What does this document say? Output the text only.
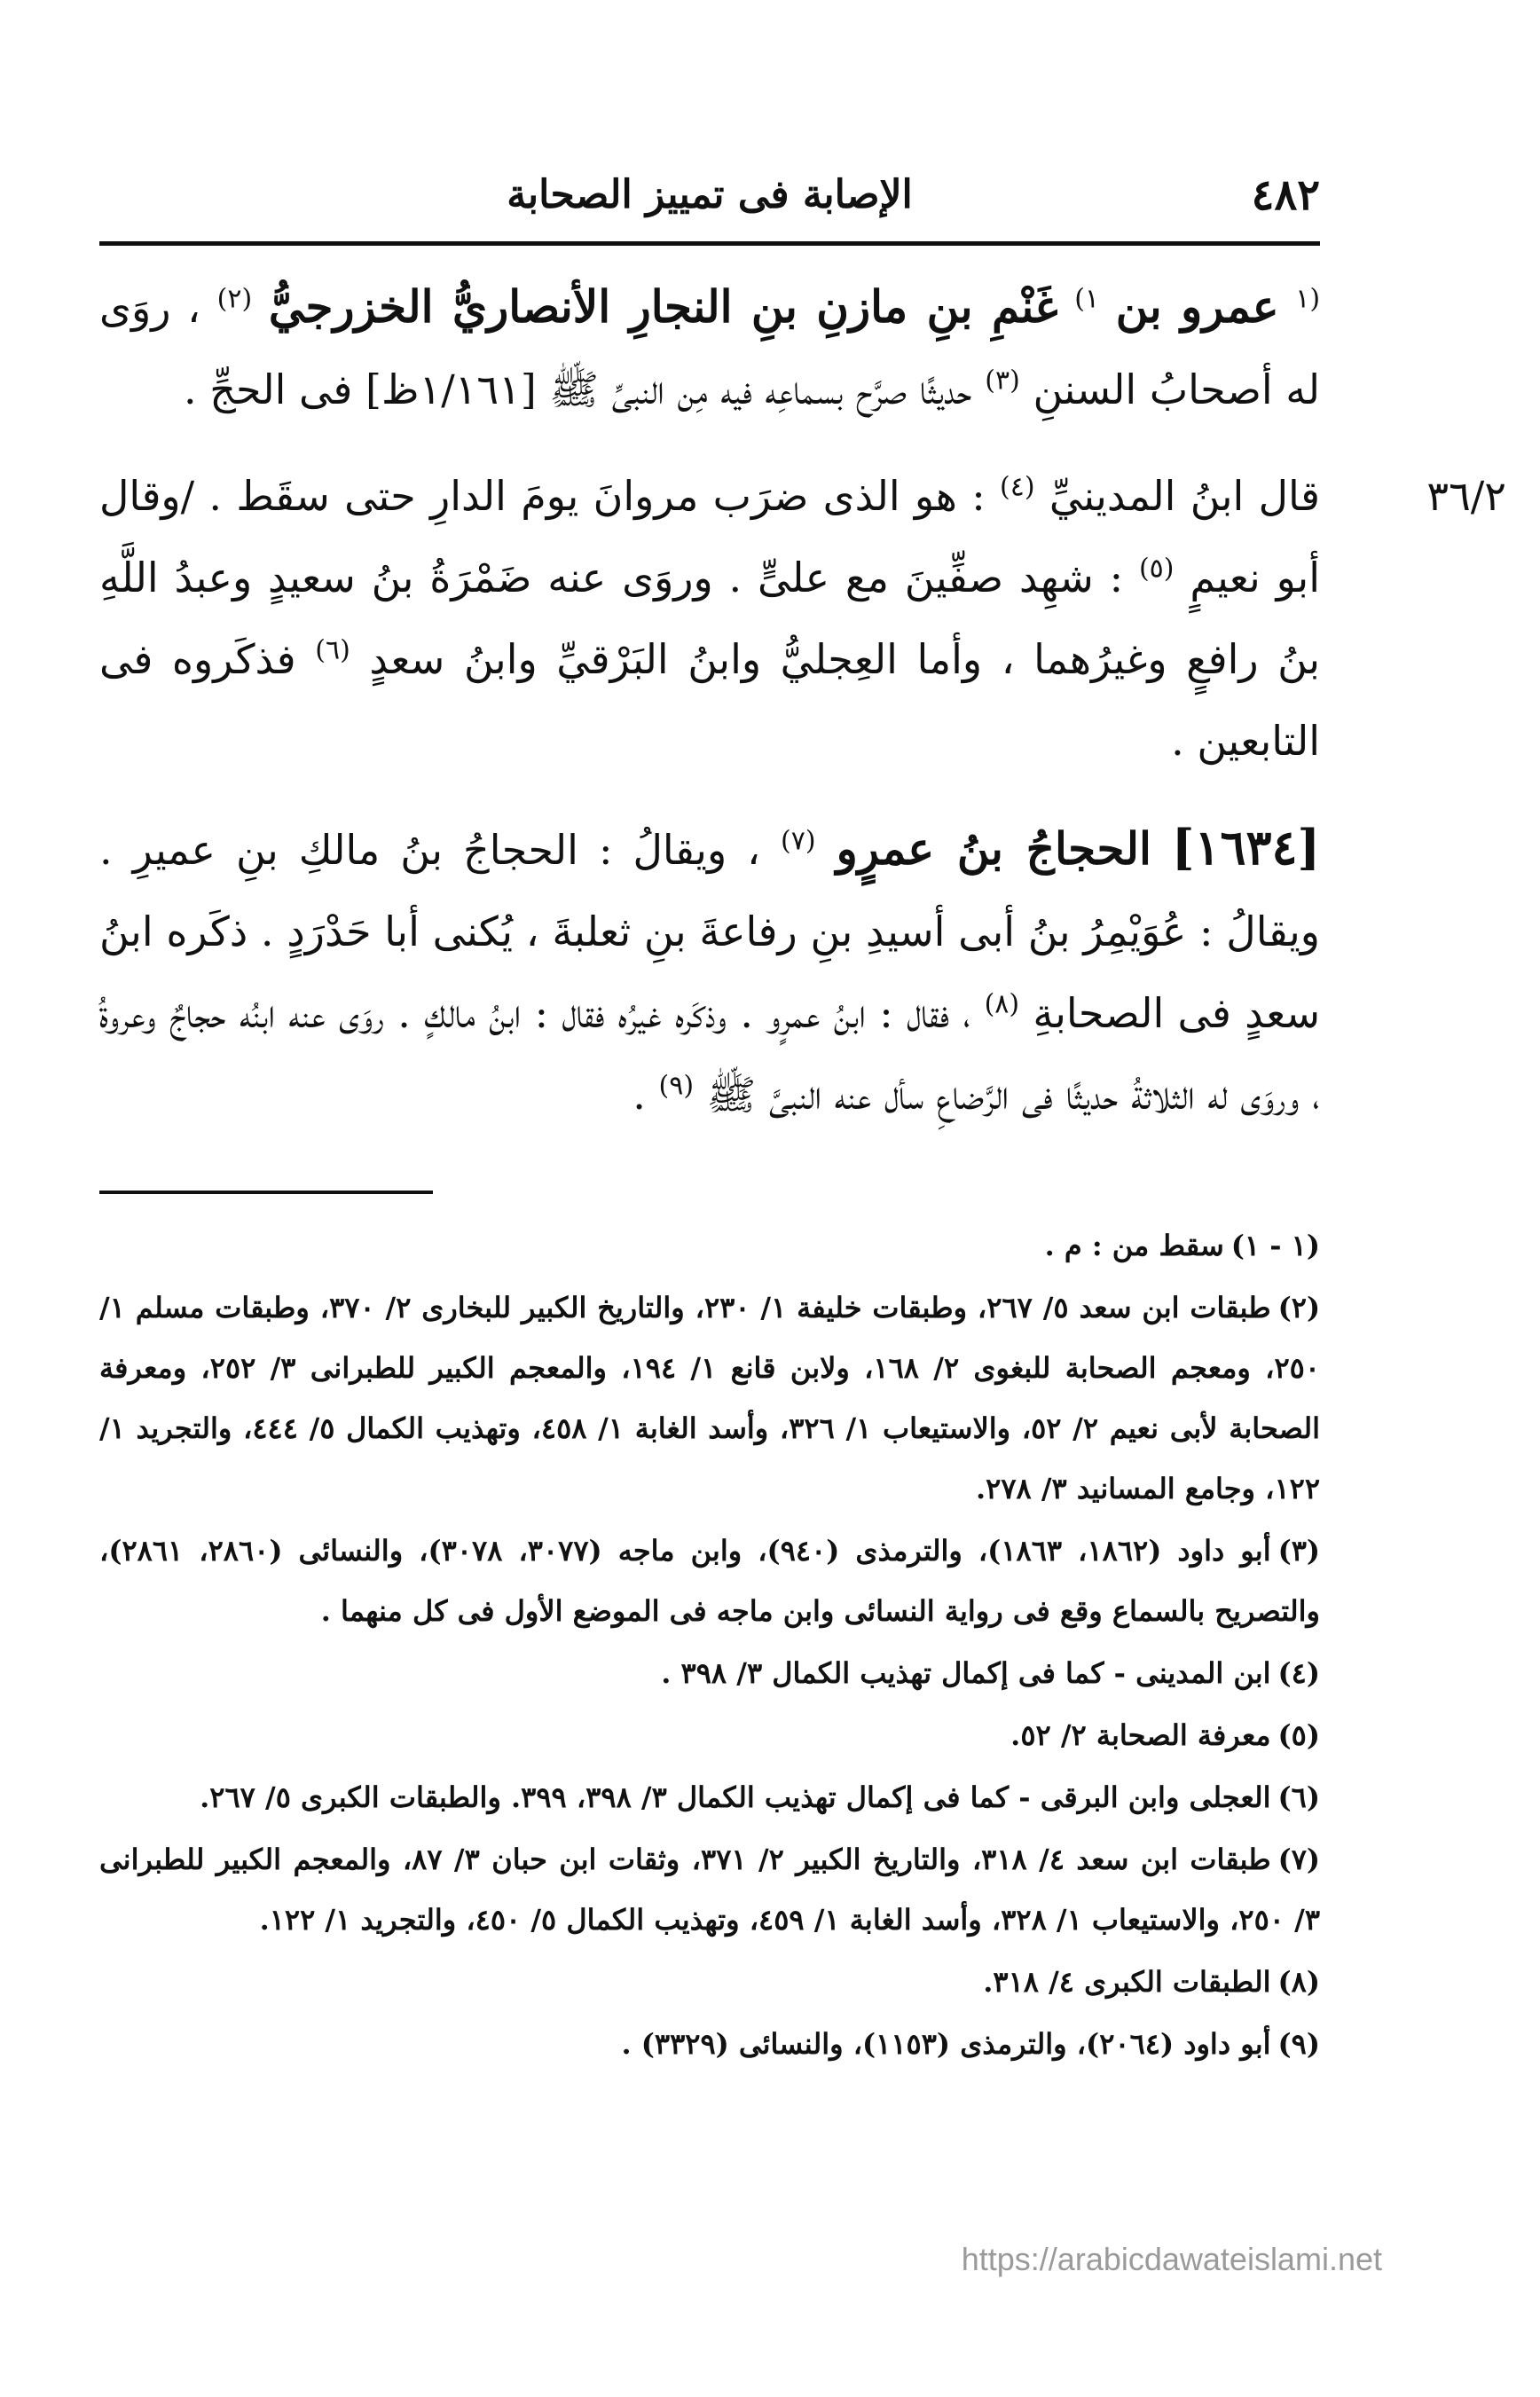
٤٨٢
الإصابة فى تمييز الصحابة

$^{(١}$ عمرو بن $^{١)}$ غَنْمِ بنِ مازنِ بنِ النجارِ الأنصاريُّ الخزرجيُّ $^{(٢)}$ ، روَى له أصحابُ السننِ $^{(٣)}$ حديثًا صرَّح بسماعِه فيه مِن النبىِّ ﷺ [١/١٦١ظ] فى الحجِّ .

٣٦/٢
قال ابنُ المدينيِّ $^{(٤)}$ : هو الذى ضرَب مروانَ يومَ الدارِ حتى سقَط . /وقال أبو نعيمٍ $^{(٥)}$ : شهِد صفِّينَ مع علىٍّ . وروَى عنه ضَمْرَةُ بنُ سعيدٍ وعبدُ اللَّهِ بنُ رافعٍ وغيرُهما ، وأما العِجليُّ وابنُ البَرْقيِّ وابنُ سعدٍ $^{(٦)}$ فذكَروه فى التابعين .

[١٦٣٤] الحجاجُ بنُ عمرٍو $^{(٧)}$ ، ويقالُ : الحجاجُ بنُ مالكِ بنِ عميرِ . ويقالُ : عُوَيْمِرُ بنُ أبى أسيدِ بنِ رفاعةَ بنِ ثعلبةَ ، يُكنى أبا حَدْرَدٍ . ذكَره ابنُ سعدٍ فى الصحابةِ $^{(٨)}$ ، فقال : ابنُ عمرٍو . وذكَره غيرُه فقال : ابنُ مالكٍ . روَى عنه ابنُه حجاجٌ وعروةُ ، وروَى له الثلاثةُ حديثًا فى الرَّضاعِ سأل عنه النبىَّ ﷺ $^{(٩)}$ .

(١ - ١)سقط من : م .

(٢)طبقات ابن سعد ٥/ ٢٦٧، وطبقات خليفة ١/ ٢٣٠، والتاريخ الكبير للبخارى ٢/ ٣٧٠، وطبقات مسلم ١/ ٢٥٠، ومعجم الصحابة للبغوى ٢/ ١٦٨، ولابن قانع ١/ ١٩٤، والمعجم الكبير للطبرانى ٣/ ٢٥٢، ومعرفة الصحابة لأبى نعيم ٢/ ٥٢، والاستيعاب ١/ ٣٢٦، وأسد الغابة ١/ ٤٥٨، وتهذيب الكمال ٥/ ٤٤٤، والتجريد ١/ ١٢٢، وجامع المسانيد ٣/ ٢٧٨.

(٣)أبو داود (١٨٦٢، ١٨٦٣)، والترمذى (٩٤٠)، وابن ماجه (٣٠٧٧، ٣٠٧٨)، والنسائى (٢٨٦٠، ٢٨٦١)، والتصريح بالسماع وقع فى رواية النسائى وابن ماجه فى الموضع الأول فى كل منهما .

(٤)ابن المدينى - كما فى إكمال تهذيب الكمال ٣/ ٣٩٨ .

(٥)معرفة الصحابة ٢/ ٥٢.

(٦)العجلى وابن البرقى - كما فى إكمال تهذيب الكمال ٣/ ٣٩٨، ٣٩٩. والطبقات الكبرى ٥/ ٢٦٧.

(٧)طبقات ابن سعد ٤/ ٣١٨، والتاريخ الكبير ٢/ ٣٧١، وثقات ابن حبان ٣/ ٨٧، والمعجم الكبير للطبرانى ٣/ ٢٥٠، والاستيعاب ١/ ٣٢٨، وأسد الغابة ١/ ٤٥٩، وتهذيب الكمال ٥/ ٤٥٠، والتجريد ١/ ١٢٢.

(٨)الطبقات الكبرى ٤/ ٣١٨.

(٩)أبو داود (٢٠٦٤)، والترمذى (١١٥٣)، والنسائى (٣٣٢٩) .

https://arabicdawateislami.net
